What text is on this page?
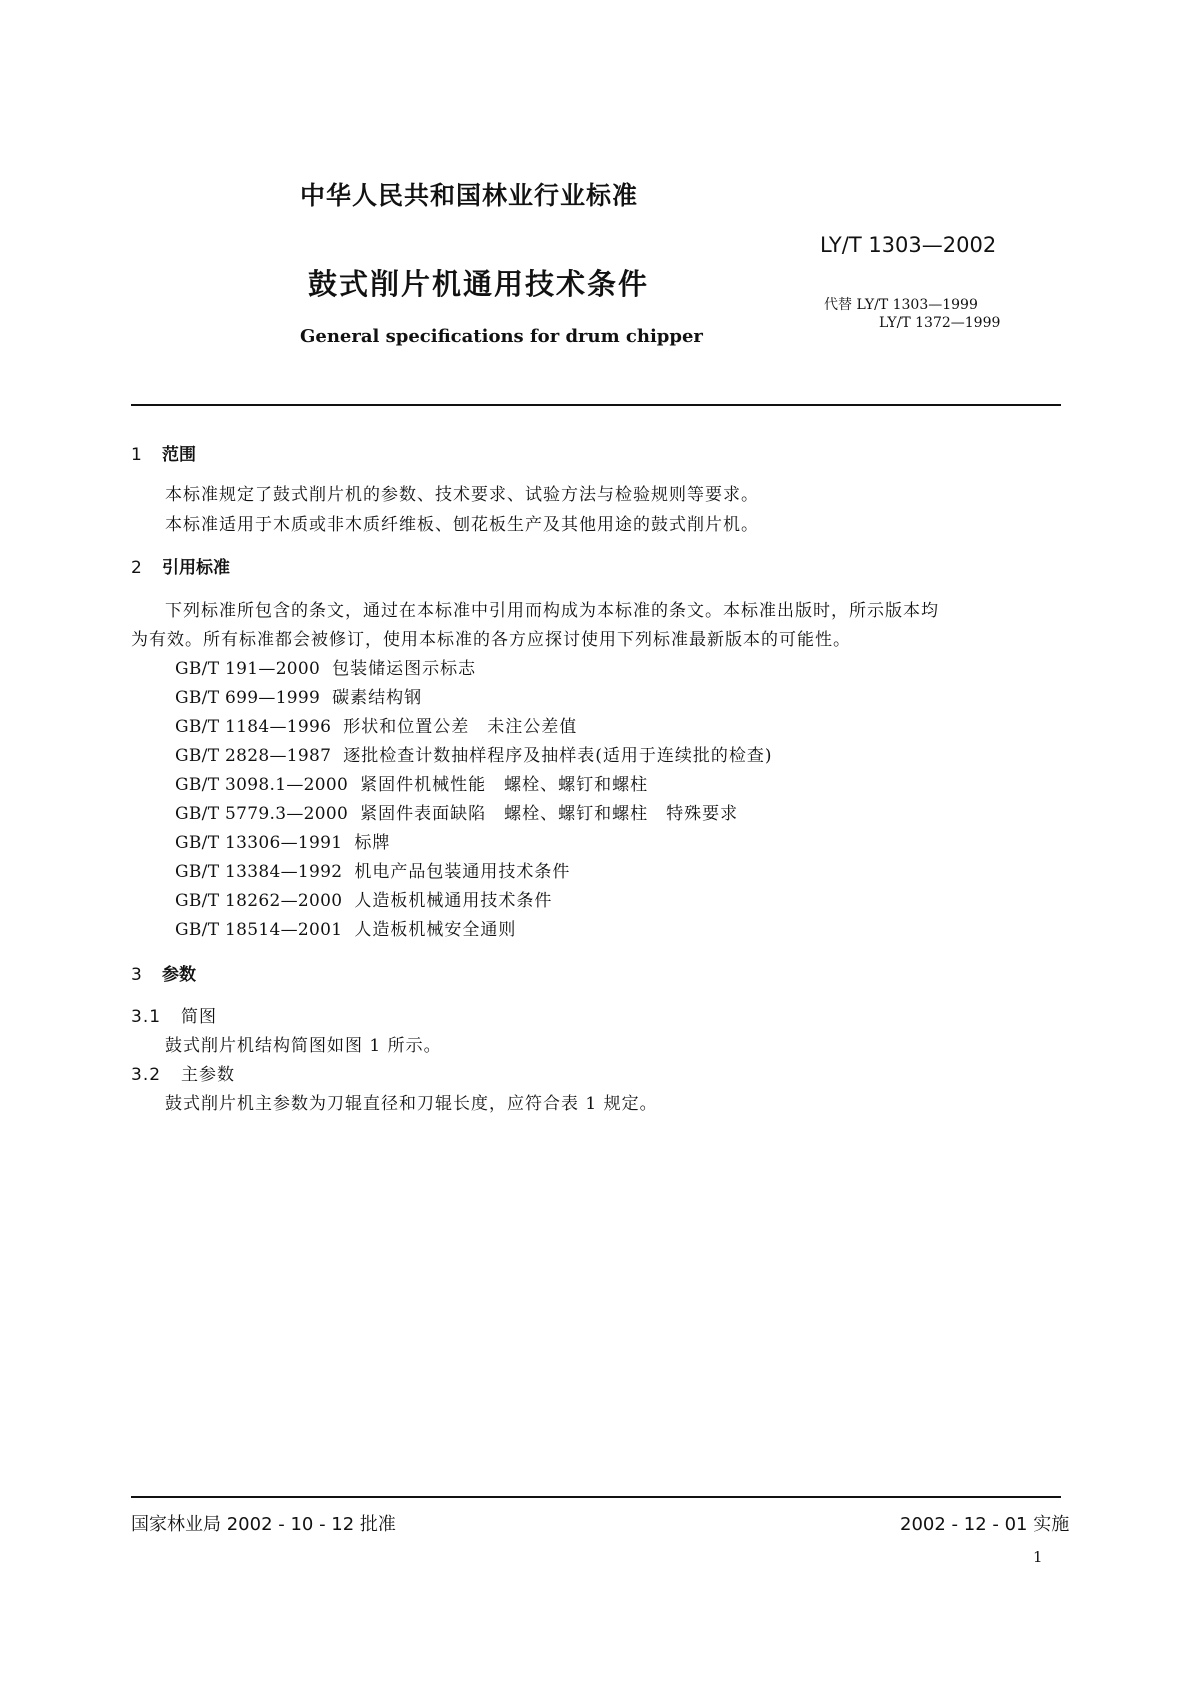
中华人民共和国林业行业标准
LY/T 1303—2002
鼓式削片机通用技术条件
代替 LY/T 1303—1999
LY/T 1372—1999
General specifications for drum chipper
1 范围
本标准规定了鼓式削片机的参数、技术要求、试验方法与检验规则等要求。
本标准适用于木质或非木质纤维板、刨花板生产及其他用途的鼓式削片机。
2 引用标准
下列标准所包含的条文，通过在本标准中引用而构成为本标准的条文。本标准出版时，所示版本均
为有效。所有标准都会被修订，使用本标准的各方应探讨使用下列标准最新版本的可能性。
GB/T 191—2000 包装储运图示标志
GB/T 699—1999 碳素结构钢
GB/T 1184—1996 形状和位置公差　未注公差值
GB/T 2828—1987 逐批检查计数抽样程序及抽样表(适用于连续批的检查)
GB/T 3098.1—2000 紧固件机械性能　螺栓、螺钉和螺柱
GB/T 5779.3—2000 紧固件表面缺陷　螺栓、螺钉和螺柱　特殊要求
GB/T 13306—1991 标牌
GB/T 13384—1992 机电产品包装通用技术条件
GB/T 18262—2000 人造板机械通用技术条件
GB/T 18514—2001 人造板机械安全通则
3 参数
3.1 简图
鼓式削片机结构简图如图 1 所示。
3.2 主参数
鼓式削片机主参数为刀辊直径和刀辊长度，应符合表 1 规定。
国家林业局 2002 - 10 - 12 批准	2002 - 12 - 01 实施
1
